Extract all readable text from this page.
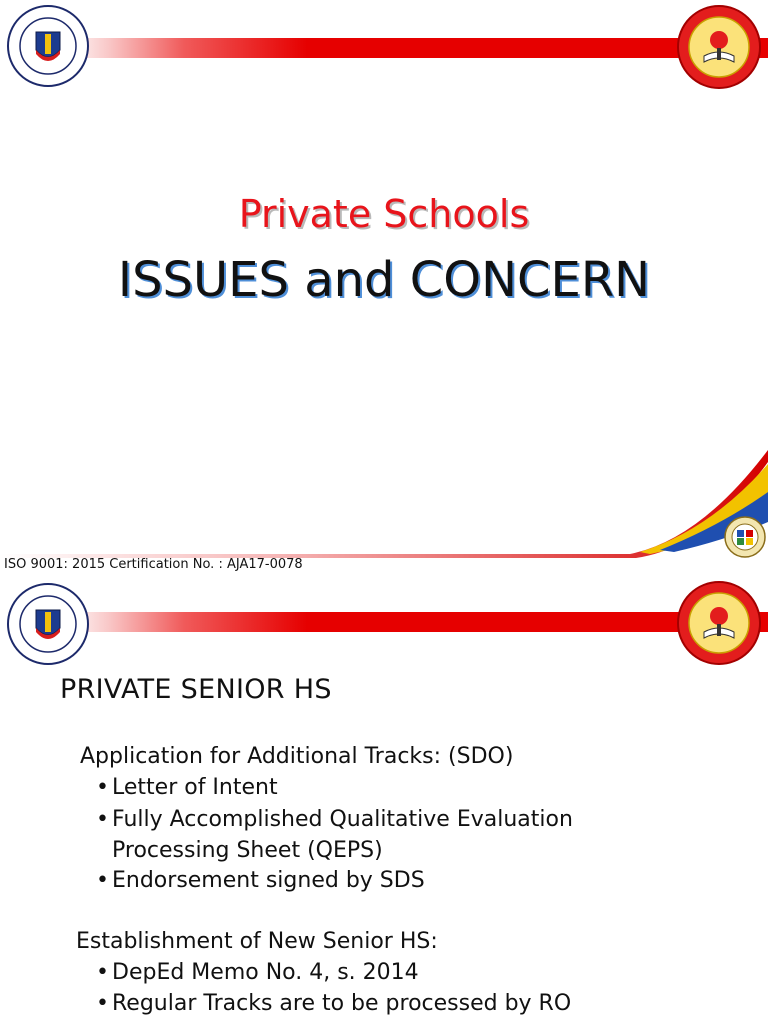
Private Schools
ISSUES and CONCERN
ISO 9001: 2015 Certification No. : AJA17-0078
PRIVATE SENIOR HS
Application for Additional Tracks: (SDO)
• Letter of Intent
• Fully Accomplished Qualitative Evaluation
Processing Sheet (QEPS)
• Endorsement signed by SDS
Establishment of New Senior HS:
• DepEd Memo No. 4, s. 2014
• Regular Tracks are to be processed by RO
